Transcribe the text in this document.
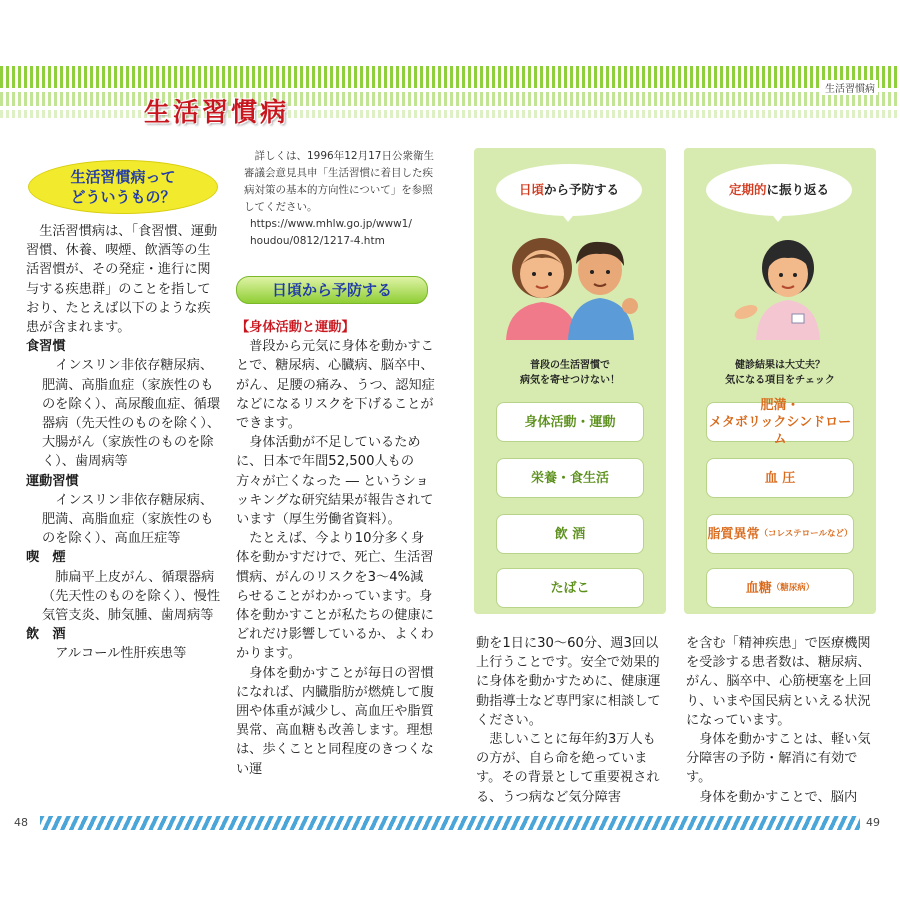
生活習慣病
生活習慣病
生活習慣病って
どういうもの？

生活習慣病は、「食習慣、運動習慣、休養、喫煙、飲酒等の生活習慣が、その発症・進行に関与する疾患群」のことを指しており、たとえば以下のような疾患が含まれます。

食習慣

インスリン非依存糖尿病、肥満、高脂血症（家族性のものを除く）、高尿酸血症、循環器病（先天性のものを除く）、大腸がん（家族性のものを除く）、歯周病等

運動習慣

インスリン非依存糖尿病、肥満、高脂血症（家族性のものを除く）、高血圧症等

喫　煙

肺扁平上皮がん、循環器病（先天性のものを除く）、慢性気管支炎、肺気腫、歯周病等

飲　酒

アルコール性肝疾患等

詳しくは、1996年12月17日公衆衛生審議会意見具申「生活習慣に着目した疾病対策の基本的方向性について」を参照してください。

https://www.mhlw.go.jp/www1/

houdou/0812/1217-4.htm

日頃から予防する

【身体活動と運動】

普段から元気に身体を動かすことで、糖尿病、心臓病、脳卒中、がん、足腰の痛み、うつ、認知症などになるリスクを下げることができます。

身体活動が不足しているために、日本で年間52,500人もの方々が亡くなった ― というショッキングな研究結果が報告されています（厚生労働省資料）。

たとえば、今より10分多く身体を動かすだけで、死亡、生活習慣病、がんのリスクを3～4%減らせることがわかっています。身体を動かすことが私たちの健康にどれだけ影響しているか、よくわかります。

身体を動かすことが毎日の習慣になれば、内臓脂肪が燃焼して腹囲や体重が減少し、高血圧や脂質異常、高血糖も改善します。理想は、歩くことと同程度のきつくない運

日頃から予防する
普段の生活習慣で
病気を寄せつけない！
身体活動・運動
栄養・食生活
飲 酒
たばこ
定期的に振り返る
健診結果は大丈夫？
気になる項目をチェック
肥満・
メタボリックシンドローム
血 圧
脂質異常 （コレステロールなど）
血糖 （糖尿病）

動を1日に30～60分、週3回以上行うことです。安全で効果的に身体を動かすために、健康運動指導士など専門家に相談してください。

悲しいことに毎年約3万人もの方が、自ら命を絶っています。その背景として重要視される、うつ病など気分障害

を含む「精神疾患」で医療機関を受診する患者数は、糖尿病、がん、脳卒中、心筋梗塞を上回り、いまや国民病といえる状況になっています。

身体を動かすことは、軽い気分障害の予防・解消に有効です。

身体を動かすことで、脳内

48	49
